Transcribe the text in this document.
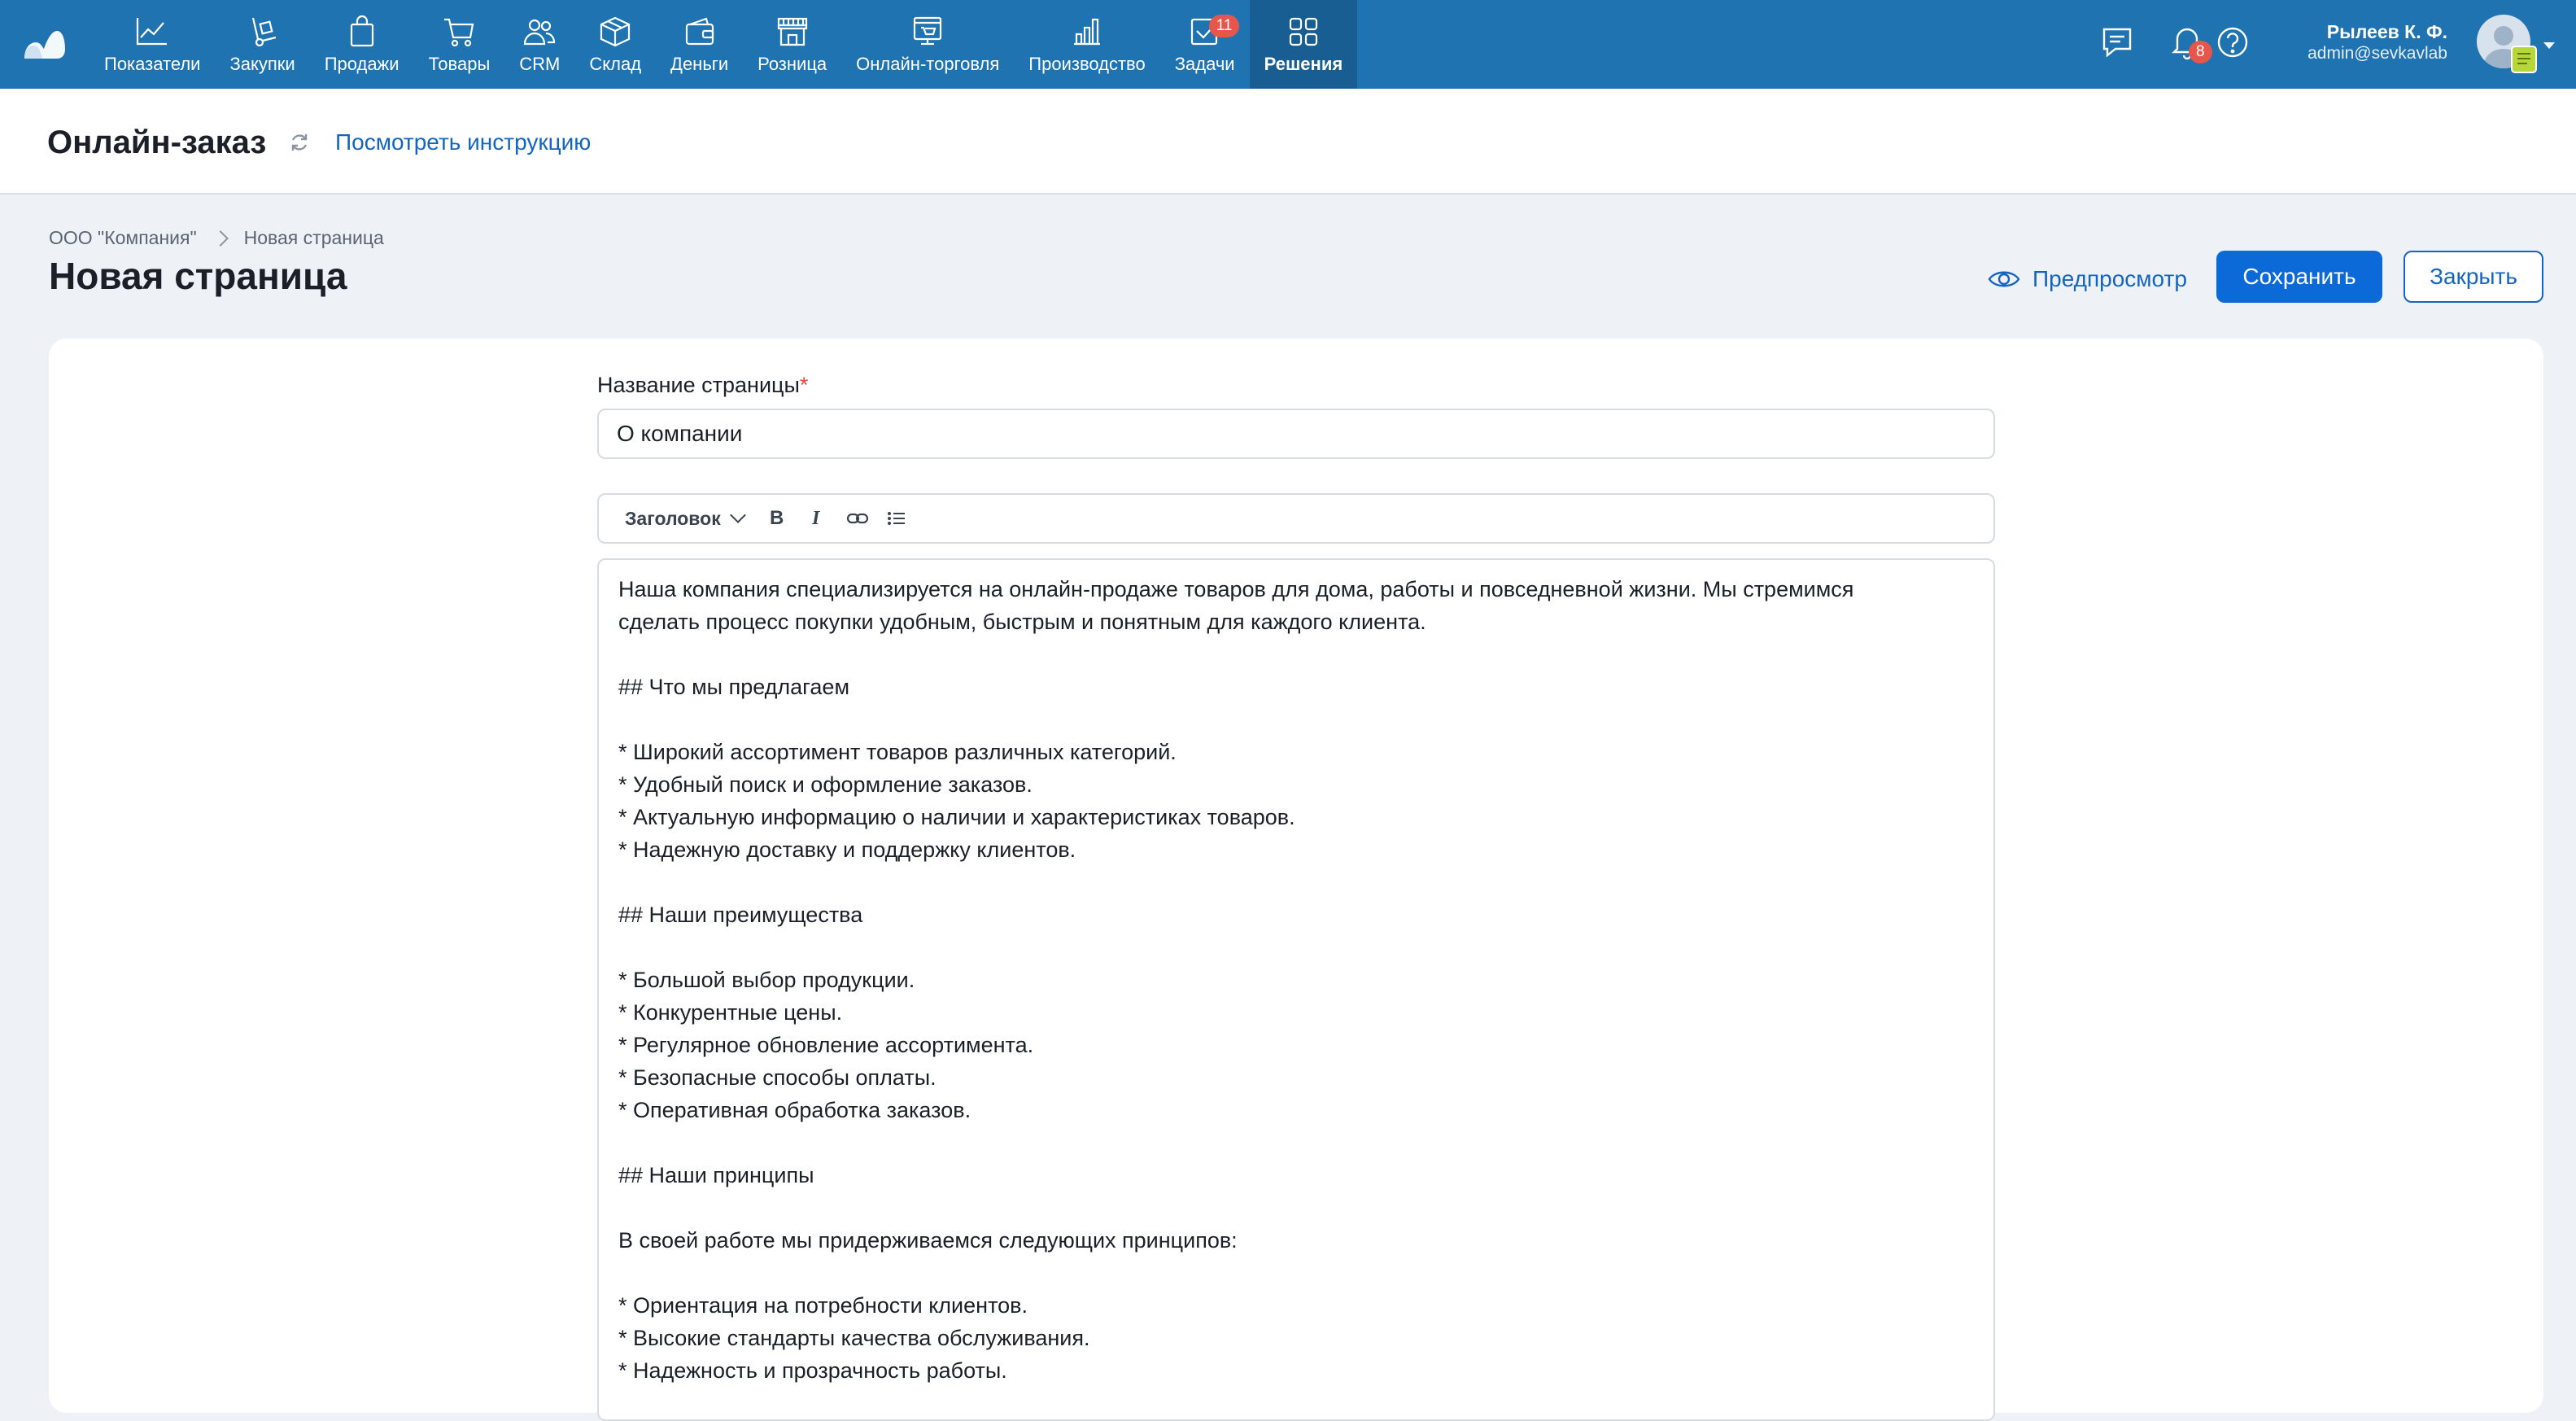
Показатели Закупки Продажи Товары CRM Склад Деньги Розница Онлайн-торговля Производство Задачи
11
Решения
8
Рылеев К. Ф.
admin@sevkavlab
Онлайн-заказ	Посмотреть инструкцию
ООО "Компания"	Новая страница
Новая страница	Предпросмотр	Сохранить	Закрыть
Название страницы*
О компании
Заголовок	B I
Наша компания специализируется на онлайн-продаже товаров для дома, работы и повседневной жизни. Мы стремимся
сделать процесс покупки удобным, быстрым и понятным для каждого клиента.
## Что мы предлагаем
* Широкий ассортимент товаров различных категорий.
* Удобный поиск и оформление заказов.
* Актуальную информацию о наличии и характеристиках товаров.
* Надежную доставку и поддержку клиентов.
## Наши преимущества
* Большой выбор продукции.
* Конкурентные цены.
* Регулярное обновление ассортимента.
* Безопасные способы оплаты.
* Оперативная обработка заказов.
## Наши принципы
В своей работе мы придерживаемся следующих принципов:
* Ориентация на потребности клиентов.
* Высокие стандарты качества обслуживания.
* Надежность и прозрачность работы.
